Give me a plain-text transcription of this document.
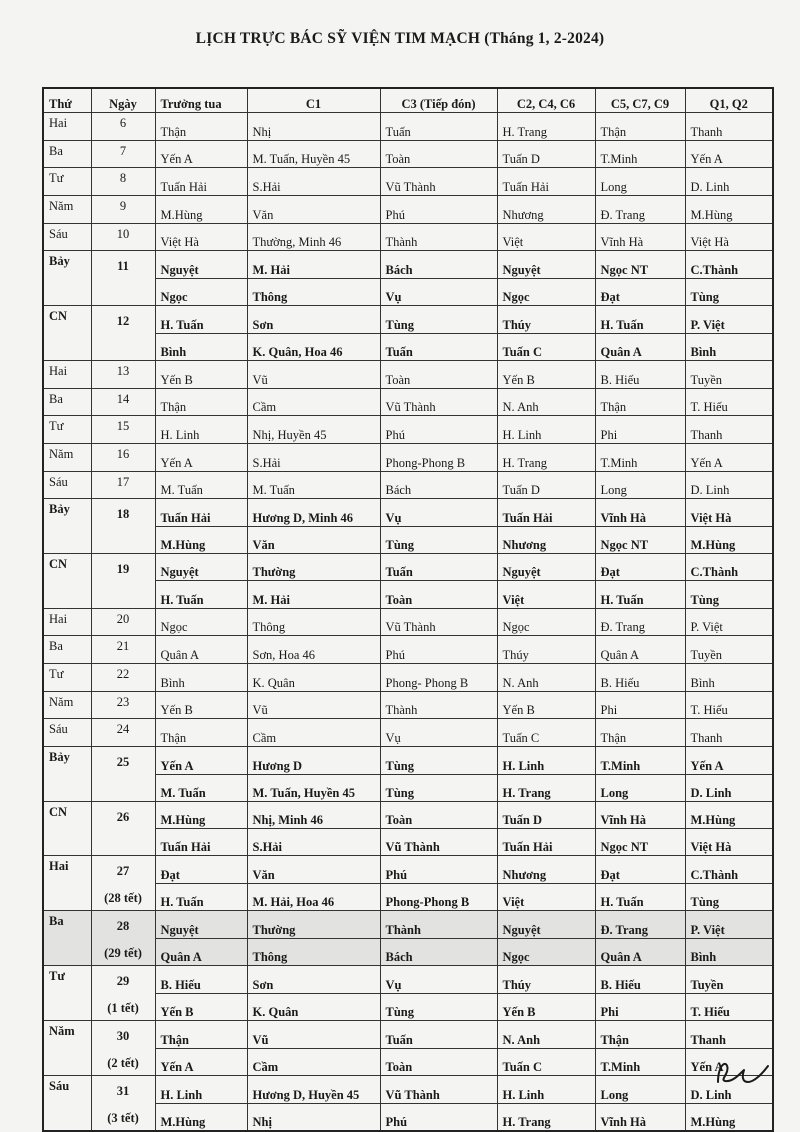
LỊCH TRỰC BÁC SỸ VIỆN TIM MẠCH (Tháng 1, 2-2024)
Thứ	Ngày	Trưởng tua	C1	C3 (Tiếp đón)	C2, C4, C6	C5, C7, C9	Q1, Q2
Hai	6	Thận	Nhị	Tuấn	H. Trang	Thận	Thanh
Ba	7	Yến A	M. Tuấn, Huyền 45	Toàn	Tuấn D	T.Minh	Yến A
Tư	8	Tuấn Hải	S.Hải	Vũ Thành	Tuấn Hải	Long	D. Linh
Năm	9	M.Hùng	Văn	Phú	Nhương	Đ. Trang	M.Hùng
Sáu	10	Việt Hà	Thường, Minh 46	Thành	Việt	Vĩnh Hà	Việt Hà
Bảy	11	Nguyệt	M. Hải	Bách	Nguyệt	Ngọc NT	C.Thành
		Ngọc	Thông	Vụ	Ngọc	Đạt	Tùng
CN	12	H. Tuấn	Sơn	Tùng	Thúy	H. Tuấn	P. Việt
		Bình	K. Quân, Hoa 46	Tuấn	Tuấn C	Quân A	Bình
Hai	13	Yến B	Vũ	Toàn	Yến B	B. Hiếu	Tuyền
Ba	14	Thận	Cầm	Vũ Thành	N. Anh	Thận	T. Hiếu
Tư	15	H. Linh	Nhị, Huyền 45	Phú	H. Linh	Phi	Thanh
Năm	16	Yến A	S.Hải	Phong-Phong B	H. Trang	T.Minh	Yến A
Sáu	17	M. Tuấn	M. Tuấn	Bách	Tuấn D	Long	D. Linh
Bảy	18	Tuấn Hải	Hương D, Minh 46	Vụ	Tuấn Hải	Vĩnh Hà	Việt Hà
		M.Hùng	Văn	Tùng	Nhương	Ngọc NT	M.Hùng
CN	19	Nguyệt	Thường	Tuấn	Nguyệt	Đạt	C.Thành
		H. Tuấn	M. Hải	Toàn	Việt	H. Tuấn	Tùng
Hai	20	Ngọc	Thông	Vũ Thành	Ngọc	Đ. Trang	P. Việt
Ba	21	Quân A	Sơn, Hoa 46	Phú	Thúy	Quân A	Tuyền
Tư	22	Bình	K. Quân	Phong- Phong B	N. Anh	B. Hiếu	Bình
Năm	23	Yến B	Vũ	Thành	Yến B	Phi	T. Hiếu
Sáu	24	Thận	Cầm	Vụ	Tuấn C	Thận	Thanh
Bảy	25	Yến A	Hương D	Tùng	H. Linh	T.Minh	Yến A
		M. Tuấn	M. Tuấn, Huyền 45	Tùng	H. Trang	Long	D. Linh
CN	26	M.Hùng	Nhị, Minh 46	Toàn	Tuấn D	Vĩnh Hà	M.Hùng
		Tuấn Hải	S.Hải	Vũ Thành	Tuấn Hải	Ngọc NT	Việt Hà
Hai	27	Đạt	Văn	Phú	Nhương	Đạt	C.Thành
	(28 tết)	H. Tuấn	M. Hải, Hoa 46	Phong-Phong B	Việt	H. Tuấn	Tùng
Ba	28	Nguyệt	Thường	Thành	Nguyệt	Đ. Trang	P. Việt
	(29 tết)	Quân A	Thông	Bách	Ngọc	Quân A	Bình
Tư	29	B. Hiếu	Sơn	Vụ	Thúy	B. Hiếu	Tuyền
	(1 tết)	Yến B	K. Quân	Tùng	Yến B	Phi	T. Hiếu
Năm	30	Thận	Vũ	Tuấn	N. Anh	Thận	Thanh
	(2 tết)	Yến A	Cầm	Toàn	Tuấn C	T.Minh	Yến A
Sáu	31	H. Linh	Hương D, Huyền 45	Vũ Thành	H. Linh	Long	D. Linh
	(3 tết)	M.Hùng	Nhị	Phú	H. Trang	Vĩnh Hà	M.Hùng
